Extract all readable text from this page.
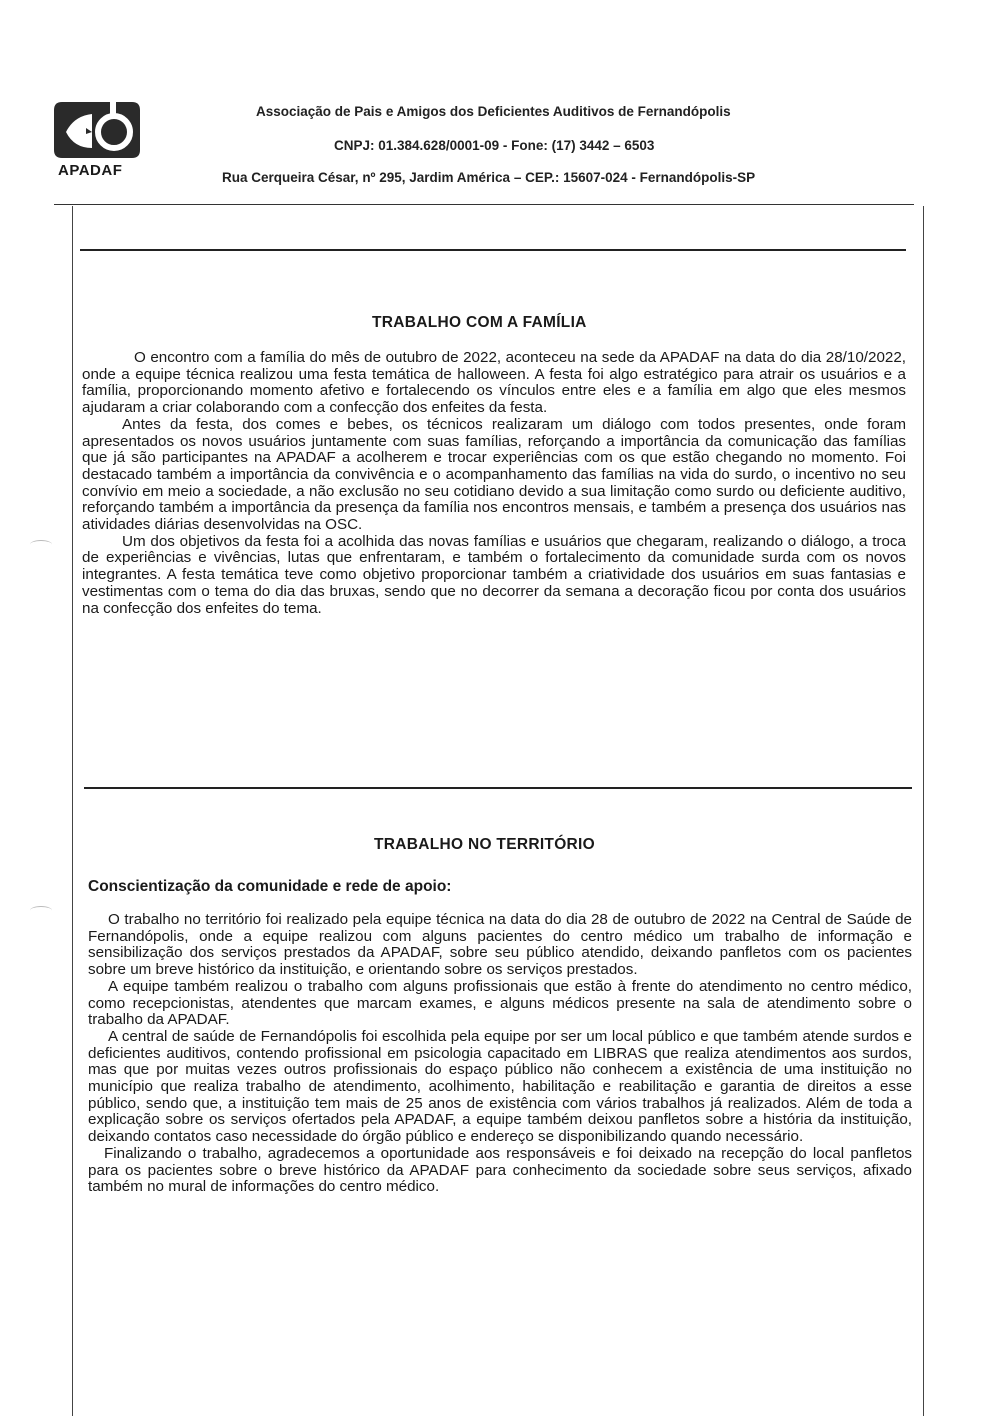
APADAF
Associação de Pais e Amigos dos Deficientes Auditivos de Fernandópolis
CNPJ: 01.384.628/0001-09 - Fone: (17) 3442 – 6503
Rua Cerqueira César, nº 295, Jardim América – CEP.: 15607-024 - Fernandópolis-SP
TRABALHO COM A FAMÍLIA

O encontro com a família do mês de outubro de 2022, aconteceu na sede da APADAF na data do dia 28/10/2022, onde a equipe técnica realizou uma festa temática de halloween. A festa foi algo estratégico para atrair os usuários e a família, proporcionando momento afetivo e fortalecendo os vínculos entre eles e a família em algo que eles mesmos ajudaram a criar colaborando com a confecção dos enfeites da festa.

Antes da festa, dos comes e bebes, os técnicos realizaram um diálogo com todos presentes, onde foram apresentados os novos usuários juntamente com suas famílias, reforçando a importância da comunicação das famílias que já são participantes na APADAF a acolherem e trocar experiências com os que estão chegando no momento. Foi destacado também a importância da convivência e o acompanhamento das famílias na vida do surdo, o incentivo no seu convívio em meio a sociedade, a não exclusão no seu cotidiano devido a sua limitação como surdo ou deficiente auditivo, reforçando também a importância da presença da família nos encontros mensais, e também a presença dos usuários nas atividades diárias desenvolvidas na OSC.

Um dos objetivos da festa foi a acolhida das novas famílias e usuários que chegaram, realizando o diálogo, a troca de experiências e vivências, lutas que enfrentaram, e também o fortalecimento da comunidade surda com os novos integrantes. A festa temática teve como objetivo proporcionar também a criatividade dos usuários em suas fantasias e vestimentas com o tema do dia das bruxas, sendo que no decorrer da semana a decoração ficou por conta dos usuários na confecção dos enfeites do tema.

TRABALHO NO TERRITÓRIO
Conscientização da comunidade e rede de apoio:

O trabalho no território foi realizado pela equipe técnica na data do dia 28 de outubro de 2022 na Central de Saúde de Fernandópolis, onde a equipe realizou com alguns pacientes do centro médico um trabalho de informação e sensibilização dos serviços prestados da APADAF, sobre seu público atendido, deixando panfletos com os pacientes sobre um breve histórico da instituição, e orientando sobre os serviços prestados.

A equipe também realizou o trabalho com alguns profissionais que estão à frente do atendimento no centro médico, como recepcionistas, atendentes que marcam exames, e alguns médicos presente na sala de atendimento sobre o trabalho da APADAF.

A central de saúde de Fernandópolis foi escolhida pela equipe por ser um local público e que também atende surdos e deficientes auditivos, contendo profissional em psicologia capacitado em LIBRAS que realiza atendimentos aos surdos, mas que por muitas vezes outros profissionais do espaço público não conhecem a existência de uma instituição no município que realiza trabalho de atendimento, acolhimento, habilitação e reabilitação e garantia de direitos a esse público, sendo que, a instituição tem mais de 25 anos de existência com vários trabalhos já realizados. Além de toda a explicação sobre os serviços ofertados pela APADAF, a equipe também deixou panfletos sobre a história da instituição, deixando contatos caso necessidade do órgão público e endereço se disponibilizando quando necessário.

Finalizando o trabalho, agradecemos a oportunidade aos responsáveis e foi deixado na recepção do local panfletos para os pacientes sobre o breve histórico da APADAF para conhecimento da sociedade sobre seus serviços, afixado também no mural de informações do centro médico.
